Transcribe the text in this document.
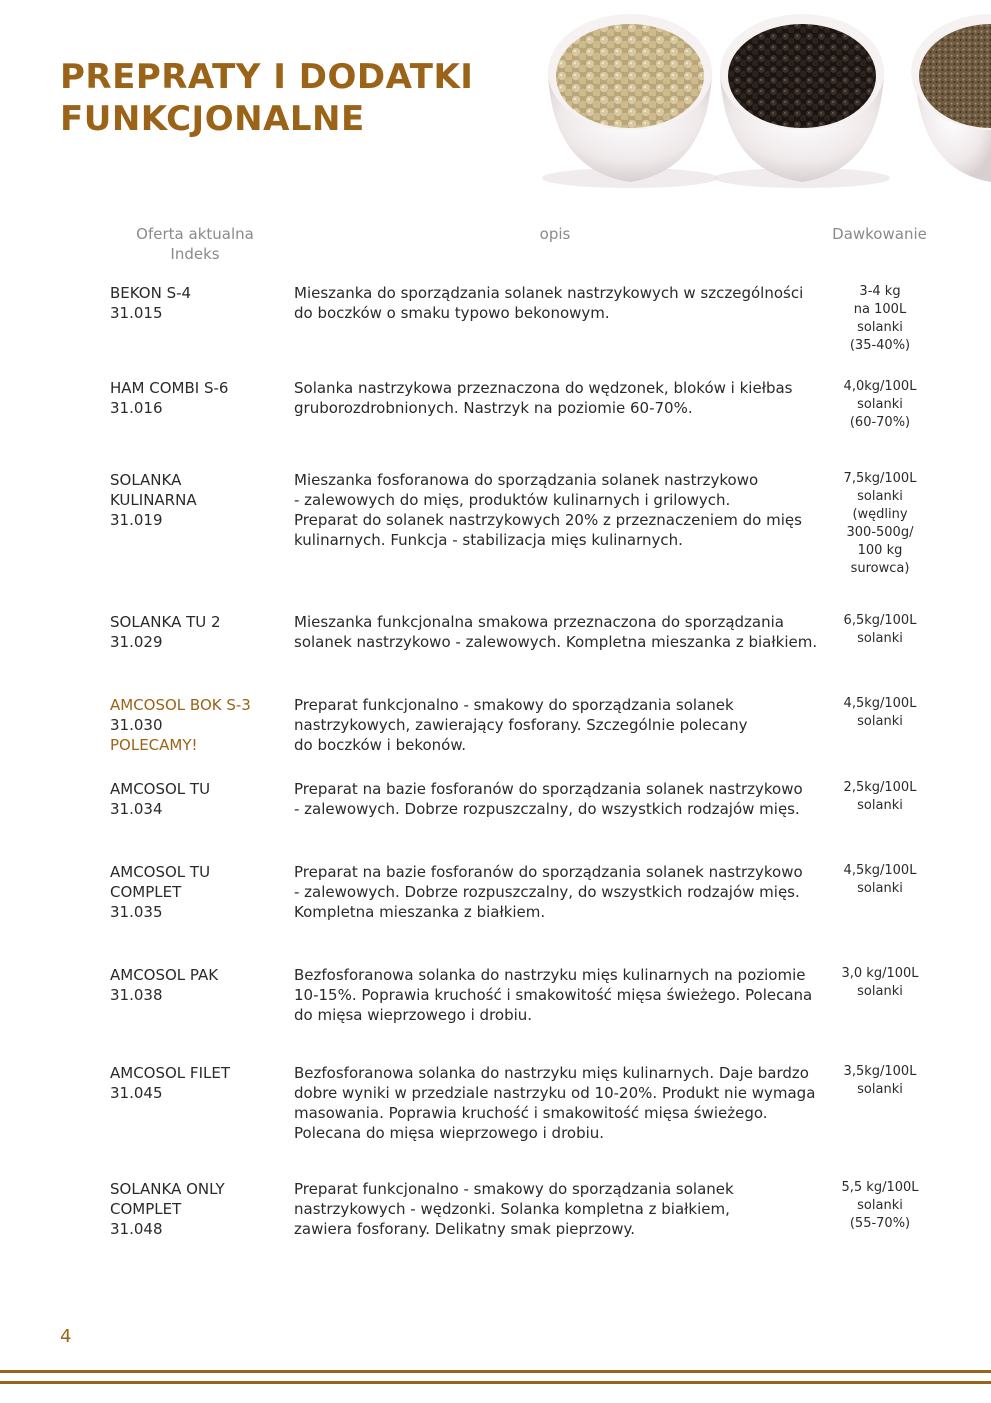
PREPRATY I DODATKI
FUNKCJONALNE
Oferta aktualna
Indeks
opis	Dawkowanie
BEKON S-4
31.015
Mieszanka do sporządzania solanek nastrzykowych w szczególności
do boczków o smaku typowo bekonowym.
3-4 kg
na 100L
solanki
(35-40%)
HAM COMBI S-6
31.016
Solanka nastrzykowa przeznaczona do wędzonek, bloków i kiełbas
gruborozdrobnionych. Nastrzyk na poziomie 60-70%.
4,0kg/100L
solanki
(60-70%)
SOLANKA
KULINARNA
31.019
Mieszanka fosforanowa do sporządzania solanek nastrzykowo
- zalewowych do mięs, produktów kulinarnych i grilowych.
Preparat do solanek nastrzykowych 20% z przeznaczeniem do mięs
kulinarnych. Funkcja - stabilizacja mięs kulinarnych.
7,5kg/100L
solanki
(wędliny
300-500g/
100 kg
surowca)
SOLANKA TU 2
31.029
Mieszanka funkcjonalna smakowa przeznaczona do sporządzania
solanek nastrzykowo - zalewowych. Kompletna mieszanka z białkiem.
6,5kg/100L
solanki
AMCOSOL BOK S-3
31.030
POLECAMY!
Preparat funkcjonalno - smakowy do sporządzania solanek
nastrzykowych, zawierający fosforany. Szczególnie polecany
do boczków i bekonów.
4,5kg/100L
solanki
AMCOSOL TU
31.034
Preparat na bazie fosforanów do sporządzania solanek nastrzykowo
- zalewowych. Dobrze rozpuszczalny, do wszystkich rodzajów mięs.
2,5kg/100L
solanki
AMCOSOL TU
COMPLET
31.035
Preparat na bazie fosforanów do sporządzania solanek nastrzykowo
- zalewowych. Dobrze rozpuszczalny, do wszystkich rodzajów mięs.
Kompletna mieszanka z białkiem.
4,5kg/100L
solanki
AMCOSOL PAK
31.038
Bezfosforanowa solanka do nastrzyku mięs kulinarnych na poziomie
10-15%. Poprawia kruchość i smakowitość mięsa świeżego. Polecana
do mięsa wieprzowego i drobiu.
3,0 kg/100L
solanki
AMCOSOL FILET
31.045
Bezfosforanowa solanka do nastrzyku mięs kulinarnych. Daje bardzo
dobre wyniki w przedziale nastrzyku od 10-20%. Produkt nie wymaga
masowania. Poprawia kruchość i smakowitość mięsa świeżego.
Polecana do mięsa wieprzowego i drobiu.
3,5kg/100L
solanki
SOLANKA ONLY
COMPLET
31.048
Preparat funkcjonalno - smakowy do sporządzania solanek
nastrzykowych - wędzonki. Solanka kompletna z białkiem,
zawiera fosforany. Delikatny smak pieprzowy.
5,5 kg/100L
solanki
(55-70%)
4
